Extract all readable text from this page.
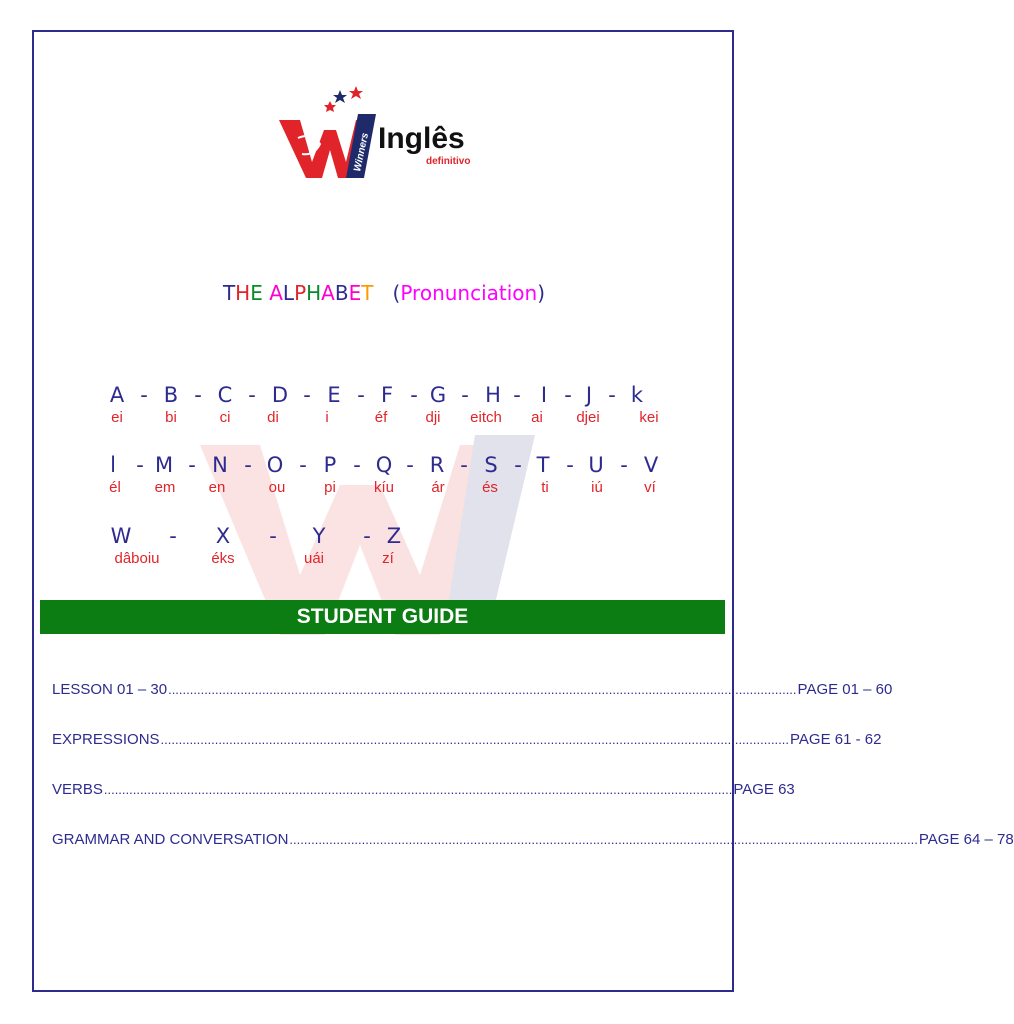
Winners Inglês
definitivo
THE ALPHABET (Pronunciation)
A - B - C - D - E - F - G - H - I - J - k
ei	bi	ci di	i	éf	dji eitch ai djei	kei
l - M - N - O - P - Q - R - S - T - U - V
él em en	ou	pi	kíu ár és	ti	iú	ví
W - X - Y - Z
dâboiu	éks	uái	zí
STUDENT GUIDE
LESSON 01 – 30 .............................................................................................................................................................................. PAGE 01 – 60
EXPRESSIONS .............................................................................................................................................................................. PAGE 61 - 62
VERBS .............................................................................................................................................................................. PAGE 63
GRAMMAR AND CONVERSATION .............................................................................................................................................................................. PAGE 64 – 78
